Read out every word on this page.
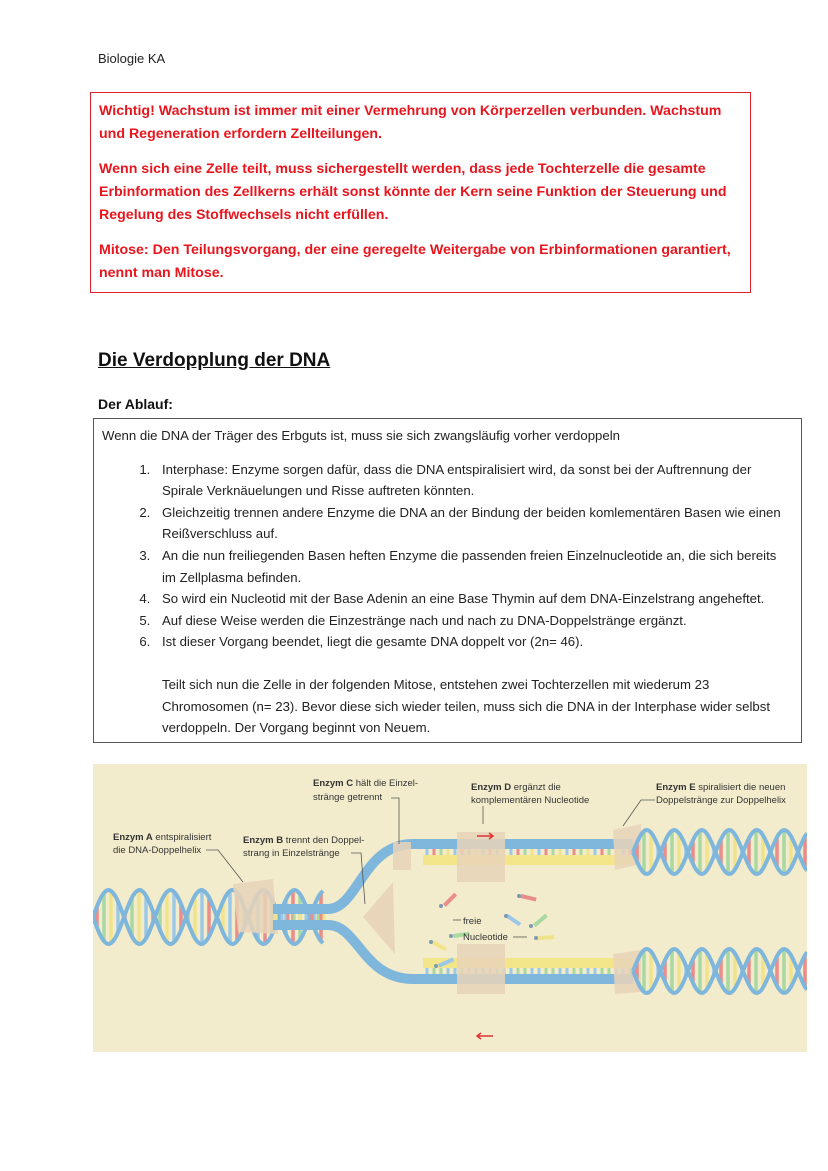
Biologie KA

Wichtig! Wachstum ist immer mit einer Vermehrung von Körperzellen verbunden. Wachstum und Regeneration erfordern Zellteilungen.

Wenn sich eine Zelle teilt, muss sichergestellt werden, dass jede Tochterzelle die gesamte Erbinformation des Zellkerns erhält sonst könnte der Kern seine Funktion der Steuerung und Regelung des Stoffwechsels nicht erfüllen.

Mitose: Den Teilungsvorgang, der eine geregelte Weitergabe von Erbinformationen garantiert, nennt man Mitose.

Die Verdopplung der DNA
Der Ablauf:
Wenn die DNA der Träger des Erbguts ist, muss sie sich zwangsläufig vorher verdoppeln
1. Interphase: Enzyme sorgen dafür, dass die DNA entspiralisiert wird, da sonst bei der Auftrennung der Spirale Verknäuelungen und Risse auftreten könnten.
2. Gleichzeitig trennen andere Enzyme die DNA an der Bindung der beiden komlementären Basen wie einen Reißverschluss auf.
3. An die nun freiliegenden Basen heften Enzyme die passenden freien Einzelnucleotide an, die sich bereits im Zellplasma befinden.
4. So wird ein Nucleotid mit der Base Adenin an eine Base Thymin auf dem DNA-Einzelstrang angeheftet.
5. Auf diese Weise werden die Einzestränge nach und nach zu DNA-Doppelstränge ergänzt.
6. Ist dieser Vorgang beendet, liegt die gesamte DNA doppelt vor (2n= 46).
Teilt sich nun die Zelle in der folgenden Mitose, entstehen zwei Tochterzellen mit wiederum 23 Chromosomen (n= 23). Bevor diese sich wieder teilen, muss sich die DNA in der Interphase wider selbst verdoppeln. Der Vorgang beginnt von Neuem.
Enzym A entspiralisiert
die DNA-Doppelhelix
Enzym B trennt den Doppel-
strang in Einzelstränge
Enzym C hält die Einzel-
stränge getrennt
Enzym D ergänzt die
komplementären Nucleotide
Enzym E spiralisiert die neuen
Doppelstränge zur Doppelhelix
freie
Nucleotide
